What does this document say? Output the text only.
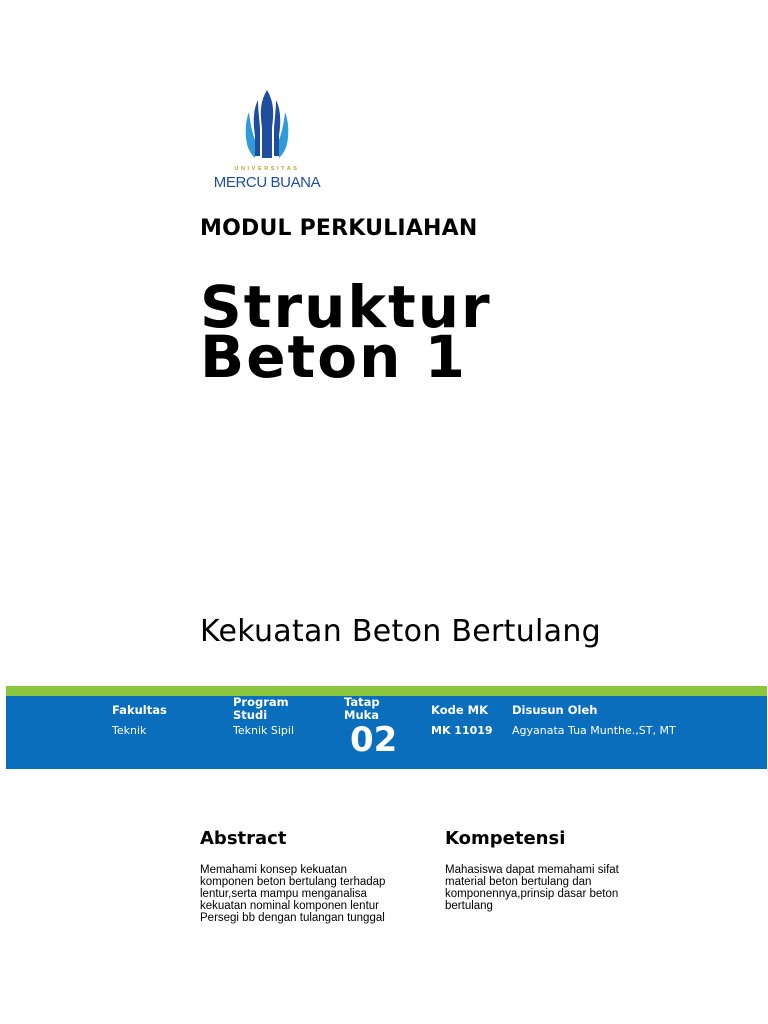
UNIVERSITAS
MERCU BUANA
MODUL PERKULIAHAN
Struktur
Beton 1
Kekuatan Beton Bertulang
Fakultas
Teknik
Program
Studi
Teknik Sipil
Tatap
Muka
02
Kode MK
MK 11019
Disusun Oleh
Agyanata Tua Munthe.,ST, MT
Abstract
Memahami konsep kekuatan
komponen beton bertulang terhadap
lentur,serta mampu menganalisa
kekuatan nominal komponen lentur
Persegi bb dengan tulangan tunggal
Kompetensi
Mahasiswa dapat memahami sifat
material beton bertulang dan
komponennya,prinsip dasar beton
bertulang
